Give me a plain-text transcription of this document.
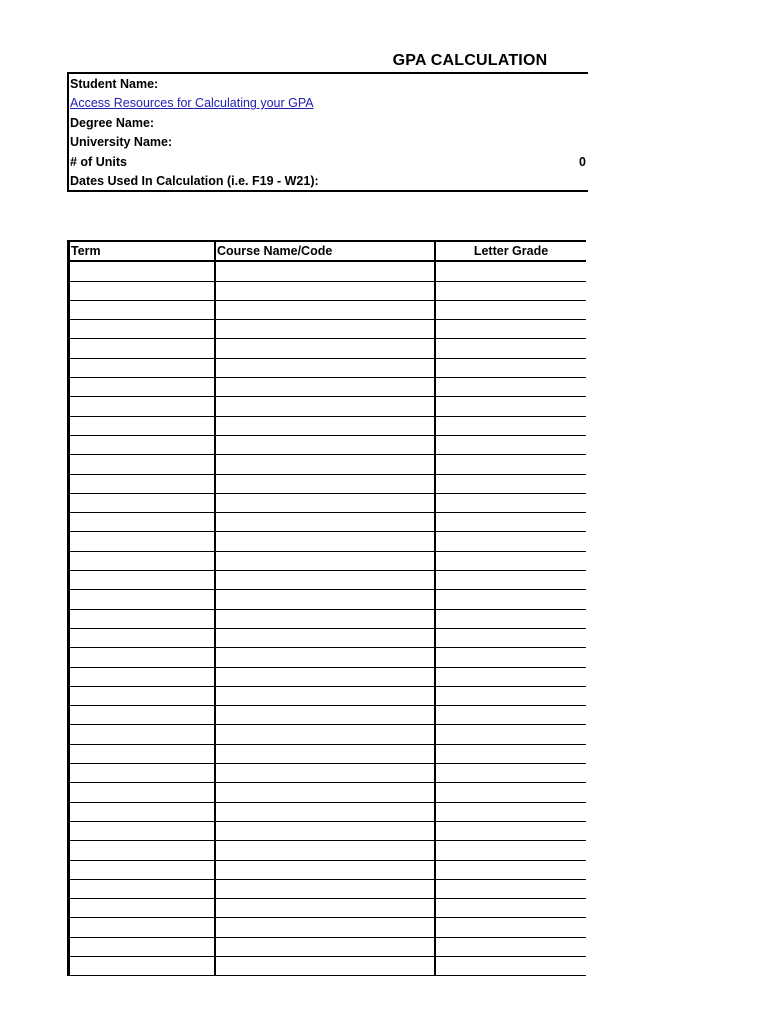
GPA CALCULATION
Student Name:
Access Resources for Calculating your GPA
Degree Name:
University Name:
# of Units	0
Dates Used In Calculation (i.e. F19 - W21):
Term	Course Name/Code	Letter Grade
